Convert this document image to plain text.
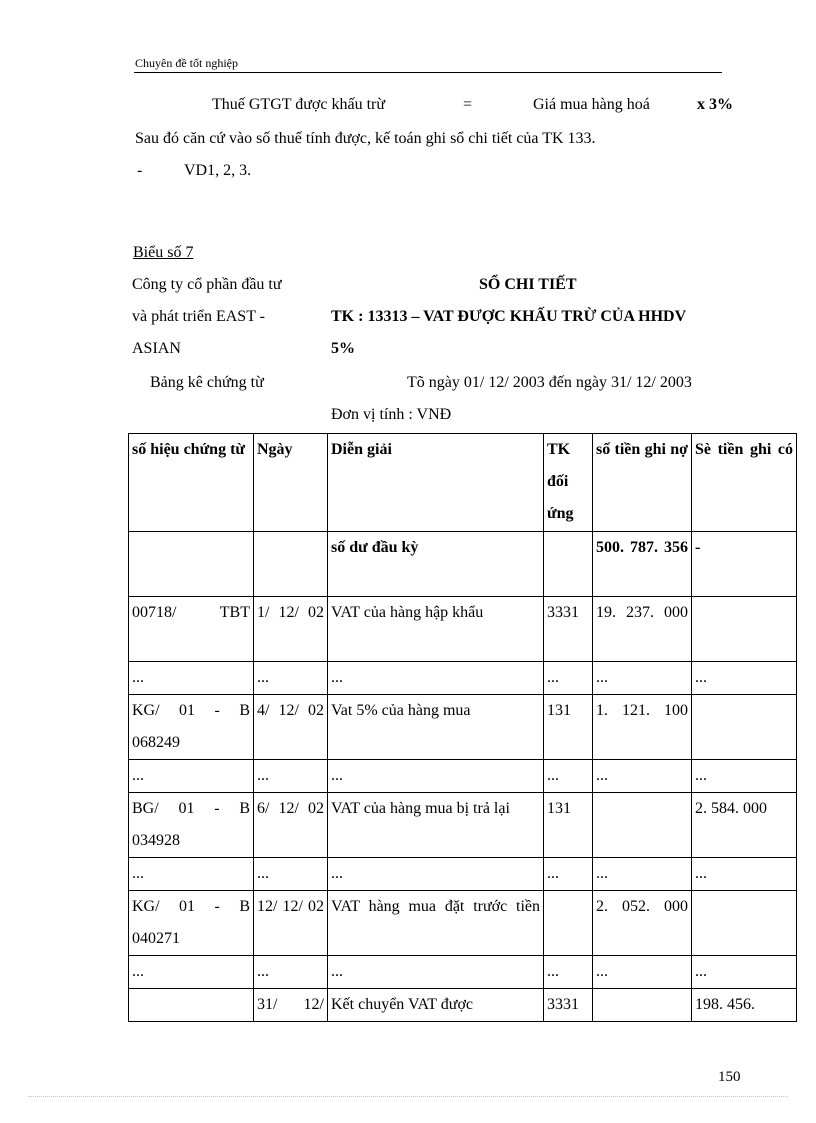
Chuyên đề tốt nghiệp
Thuế GTGT được khấu trừ	=	Giá mua hàng hoá	x 3%
Sau đó căn cứ vào số thuế tính được, kế toán ghi sổ chi tiết của TK 133.
-	VD1, 2, 3.
Biểu số 7
Công ty cổ phần đầu tư
và phát triển EAST -
ASIAN
SỔ CHI TIẾT
TK : 13313 – VAT ĐƯỢC KHẤU TRỪ CỦA HHDV
5%
Bảng kê chứng từ	Tõ ngày 01/ 12/ 2003 đến ngày 31/ 12/ 2003
Đơn vị tính : VNĐ
số hiệu chứng từ	Ngày	Diễn giải	TK đối ứng	số tiền ghi nợ	Sè tiền ghi có
		số dư đầu kỳ		500. 787. 356	-
00718/ TBT	1/ 12/ 02	VAT của hàng hập khẩu	3331	19. 237. 000	
...	...	...	...	...	...
KG/ 01 - B 068249	4/ 12/ 02	Vat 5% của hàng mua	131	1. 121. 100	
...	...	...	...	...	...
BG/ 01 - B 034928	6/ 12/ 02	VAT của hàng mua bị trả lại	131		2. 584. 000
...	...	...	...	...	...
KG/ 01 - B 040271	12/ 12/ 02	VAT hàng mua đặt trước tiền		2. 052. 000	
...	...	...	...	...	...
	31/ 12/	Kết chuyển VAT được	3331		198. 456.
150
